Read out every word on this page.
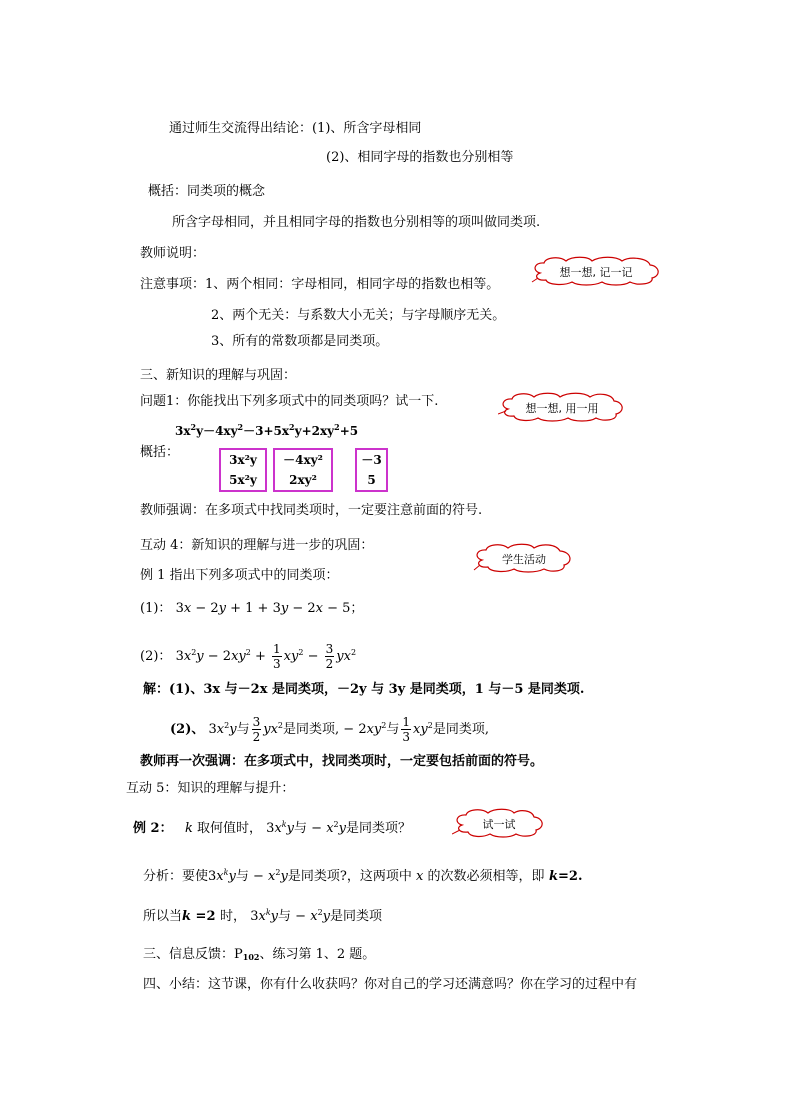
通过师生交流得出结论：(1)、所含字母相同
(2)、相同字母的指数也分别相等
概括：同类项的概念
所含字母相同，并且相同字母的指数也分别相等的项叫做同类项.
教师说明：
注意事项：1、两个相同：字母相同，相同字母的指数也相等。
2、两个无关：与系数大小无关；与字母顺序无关。
3、所有的常数项都是同类项。
三、新知识的理解与巩固：
问题1：你能找出下列多项式中的同类项吗？试一下.
$3x^2y-4xy^2-3+5x^2y+2xy^2+5$
概括：	3x²y
5x²y
－4xy²
2xy²
－3
5
教师强调：在多项式中找同类项时，一定要注意前面的符号.
互动 4：新知识的理解与进一步的巩固：
例 1 指出下列多项式中的同类项：
(1)： 3x − 2y + 1 + 3y − 2x − 5；
(2)： $3x^2y - 2xy^2 + \frac{1}{3} xy^2 - \frac{3}{2} yx^2$
解：(1)、3x 与－2x 是同类项，－2y 与 3y 是同类项，1 与－5 是同类项.
(2)、 $3x^2y$与 $\frac{3}{2} yx^2$是同类项, − $2xy^2$与 $\frac{1}{3} xy^2$是同类项,
教师再一次强调：在多项式中，找同类项时，一定要包括前面的符号。
互动 5：知识的理解与提升：
例 2：   k 取何值时， $3x^ky$与 − $x^2y$是同类项？
分析：要使$3x^ky$与 − $x^2y$是同类项?，这两项中 x 的次数必须相等，即 k=2.
所以当k =2 时， $3x^ky$与 − $x^2y$是同类项
三、信息反馈：$P_{102}$、练习第 1、2 题。
四、小结：这节课，你有什么收获吗？你对自己的学习还满意吗？你在学习的过程中有
想一想, 记一记
想一想, 用一用
学生活动
试一试
